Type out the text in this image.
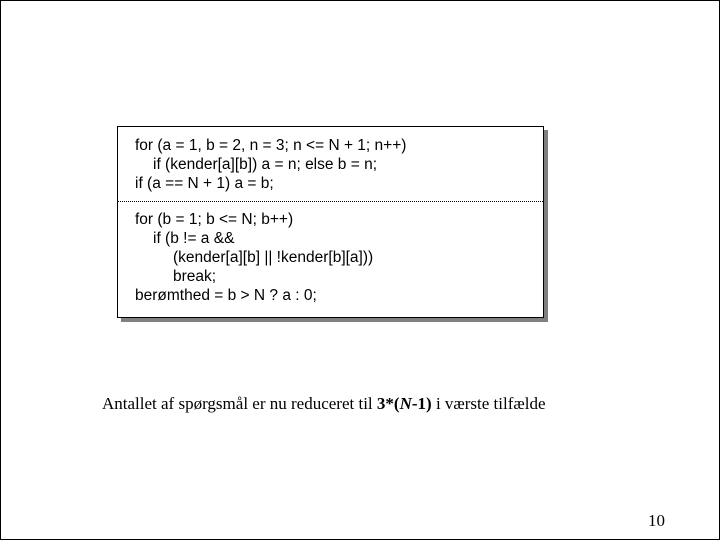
for (a = 1, b = 2, n = 3; n <= N + 1; n++)
if (kender[a][b]) a = n; else b = n;
if (a == N + 1) a = b;
for (b = 1; b <= N; b++)
if (b != a &&
(kender[a][b] || !kender[b][a]))
break;
berømthed = b > N ? a : 0;
Antallet af spørgsmål er nu reduceret til 3*(N-1) i værste tilfælde
10
